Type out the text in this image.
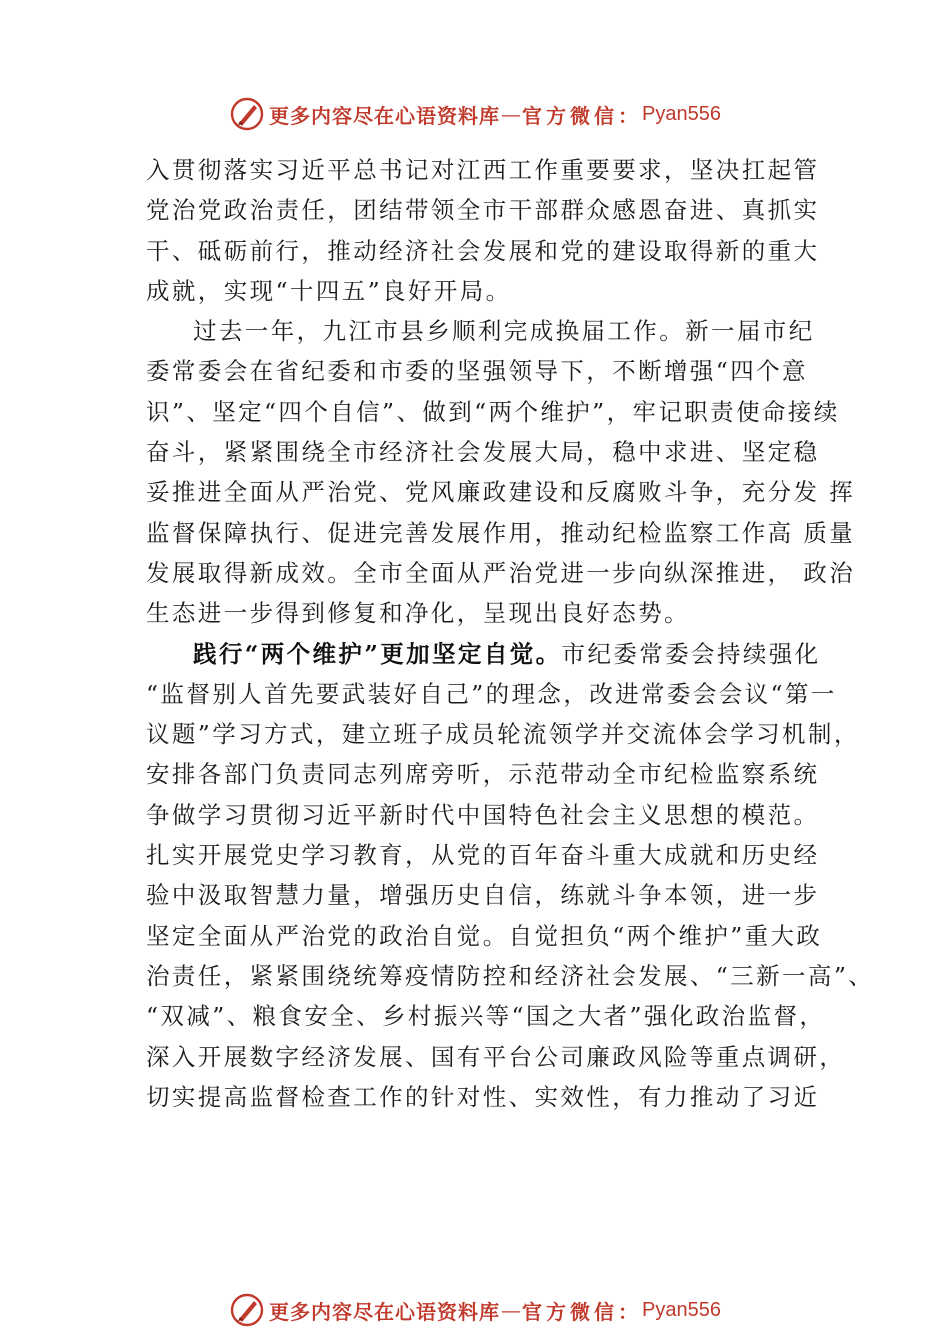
更多内容尽在心语资料库 — 官方微信： Pyan556
入贯彻落实习近平总书记对江西工作重要要求，坚决扛起管
党治党政治责任，团结带领全市干部群众感恩奋进、真抓实
干、砥砺前行，推动经济社会发展和党的建设取得新的重大
成就，实现“十四五”良好开局。
过去一年，九江市县乡顺利完成换届工作。新一届市纪
委常委会在省纪委和市委的坚强领导下，不断增强“四个意
识”、坚定“四个自信”、做到“两个维护”，牢记职责使命接续
奋斗，紧紧围绕全市经济社会发展大局，稳中求进、坚定稳
妥推进全面从严治党、党风廉政建设和反腐败斗争，充分发 挥
监督保障执行、促进完善发展作用，推动纪检监察工作高 质量
发展取得新成效。全市全面从严治党进一步向纵深推进， 政治
生态进一步得到修复和净化，呈现出良好态势。
践行“两个维护”更加坚定自觉。市纪委常委会持续强化
“监督别人首先要武装好自己”的理念，改进常委会会议“第一
议题”学习方式，建立班子成员轮流领学并交流体会学习机制，
安排各部门负责同志列席旁听，示范带动全市纪检监察系统
争做学习贯彻习近平新时代中国特色社会主义思想的模范。
扎实开展党史学习教育，从党的百年奋斗重大成就和历史经
验中汲取智慧力量，增强历史自信，练就斗争本领，进一步
坚定全面从严治党的政治自觉。自觉担负“两个维护”重大政
治责任，紧紧围绕统筹疫情防控和经济社会发展、“三新一高”、
“双减”、粮食安全、乡村振兴等“国之大者”强化政治监督，
深入开展数字经济发展、国有平台公司廉政风险等重点调研，
切实提高监督检查工作的针对性、实效性，有力推动了习近
更多内容尽在心语资料库 — 官方微信： Pyan556
